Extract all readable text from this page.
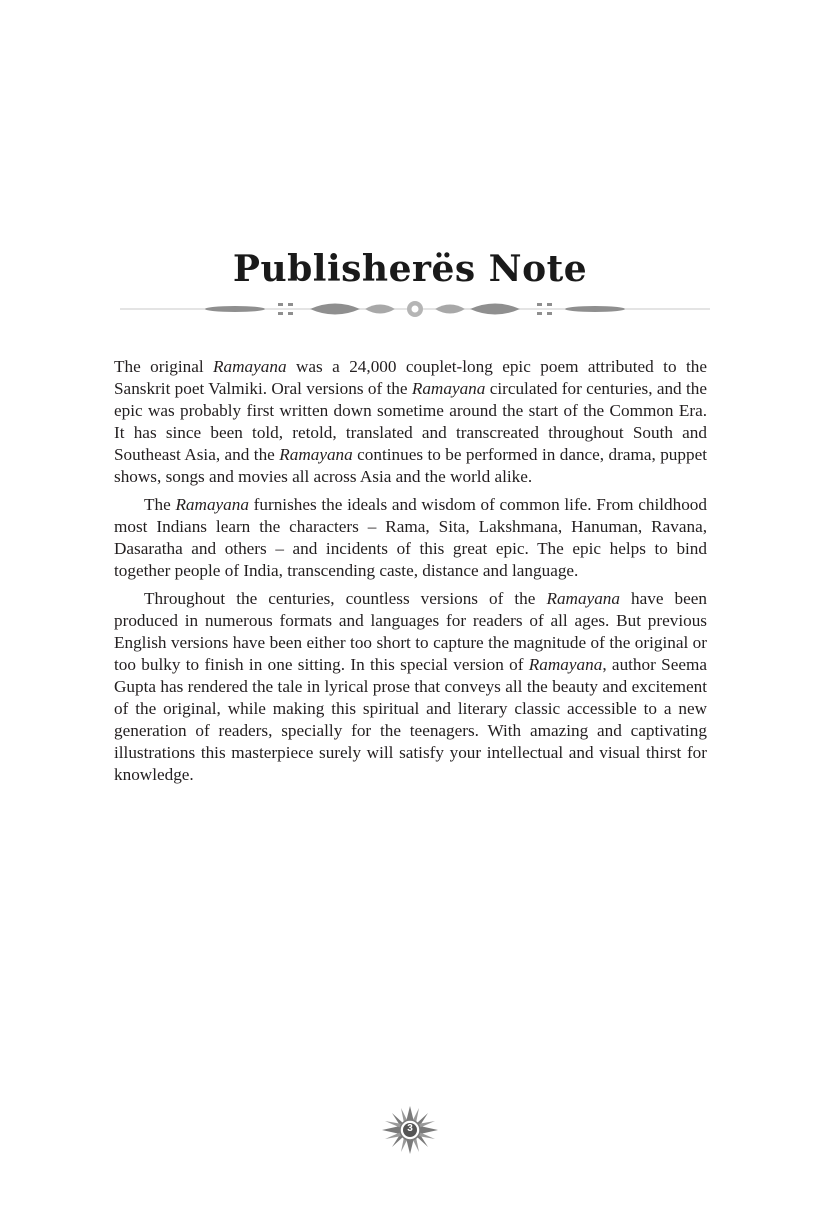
Publisherës Note

The original Ramayana was a 24,000 couplet-long epic poem attributed to the Sanskrit poet Valmiki. Oral versions of the Ramayana circulated for centuries, and the epic was probably first written down sometime around the start of the Common Era. It has since been told, retold, translated and transcreated throughout South and Southeast Asia, and the Ramayana continues to be performed in dance, drama, puppet shows, songs and movies all across Asia and the world alike.

The Ramayana furnishes the ideals and wisdom of common life. From childhood most Indians learn the characters – Rama, Sita, Lakshmana, Hanuman, Ravana, Dasaratha and others – and incidents of this great epic. The epic helps to bind together people of India, transcending caste, distance and language.

Throughout the centuries, countless versions of the Ramayana have been produced in numerous formats and languages for readers of all ages. But previous English versions have been either too short to capture the magnitude of the original or too bulky to finish in one sitting. In this special version of Ramayana, author Seema Gupta has rendered the tale in lyrical prose that conveys all the beauty and excitement of the original, while making this spiritual and literary classic accessible to a new generation of readers, specially for the teenagers. With amazing and captivating illustrations this masterpiece surely will satisfy your intellectual and visual thirst for knowledge.

3
